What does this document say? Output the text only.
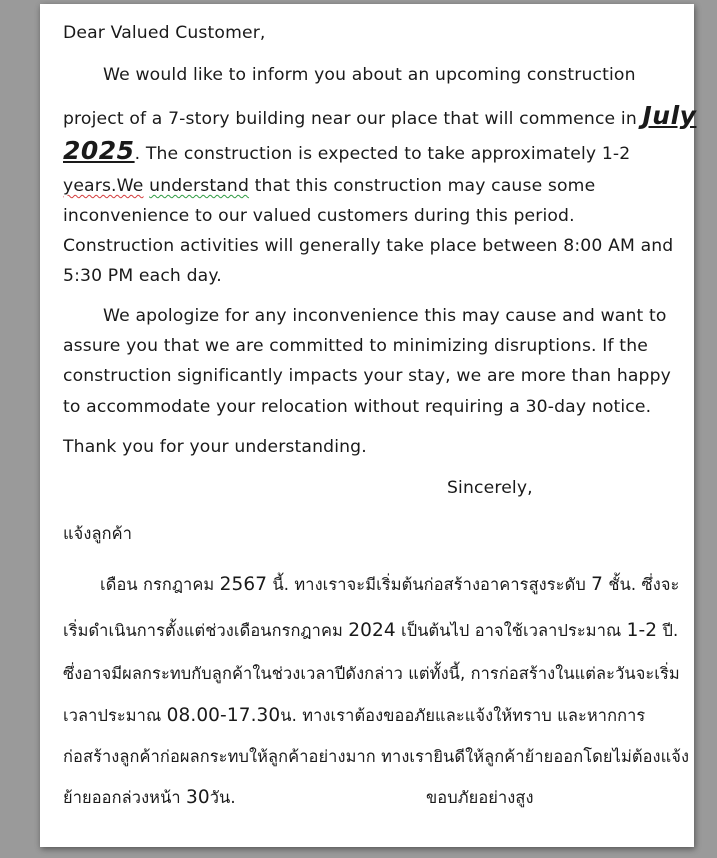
Dear Valued Customer,
We would like to inform you about an upcoming construction
project of a 7-story building near our place that will commence in July
2025. The construction is expected to take approximately 1-2
years.We understand that this construction may cause some
inconvenience to our valued customers during this period.
Construction activities will generally take place between 8:00 AM and
5:30 PM each day.
We apologize for any inconvenience this may cause and want to
assure you that we are committed to minimizing disruptions. If the
construction significantly impacts your stay, we are more than happy
to accommodate your relocation without requiring a 30-day notice.
Thank you for your understanding.
Sincerely,
แจ้งลูกค้า
เดือน กรกฎาคม 2567 นี้. ทางเราจะมีเริ่มต้นก่อสร้างอาคารสูงระดับ 7 ชั้น. ซึ่งจะ
เริ่มดำเนินการตั้งแต่ช่วงเดือนกรกฎาคม 2024 เป็นต้นไป อาจใช้เวลาประมาณ 1-2 ปี.
ซึ่งอาจมีผลกระทบกับลูกค้าในช่วงเวลาปีดังกล่าว แต่ทั้งนี้, การก่อสร้างในแต่ละวันจะเริ่ม
เวลาประมาณ 08.00-17.30น. ทางเราต้องขออภัยและแจ้งให้ทราบ และหากการ
ก่อสร้างลูกค้าก่อผลกระทบให้ลูกค้าอย่างมาก ทางเรายินดีให้ลูกค้าย้ายออกโดยไม่ต้องแจ้ง
ย้ายออกล่วงหน้า 30วัน.	ขอบภัยอย่างสูง
